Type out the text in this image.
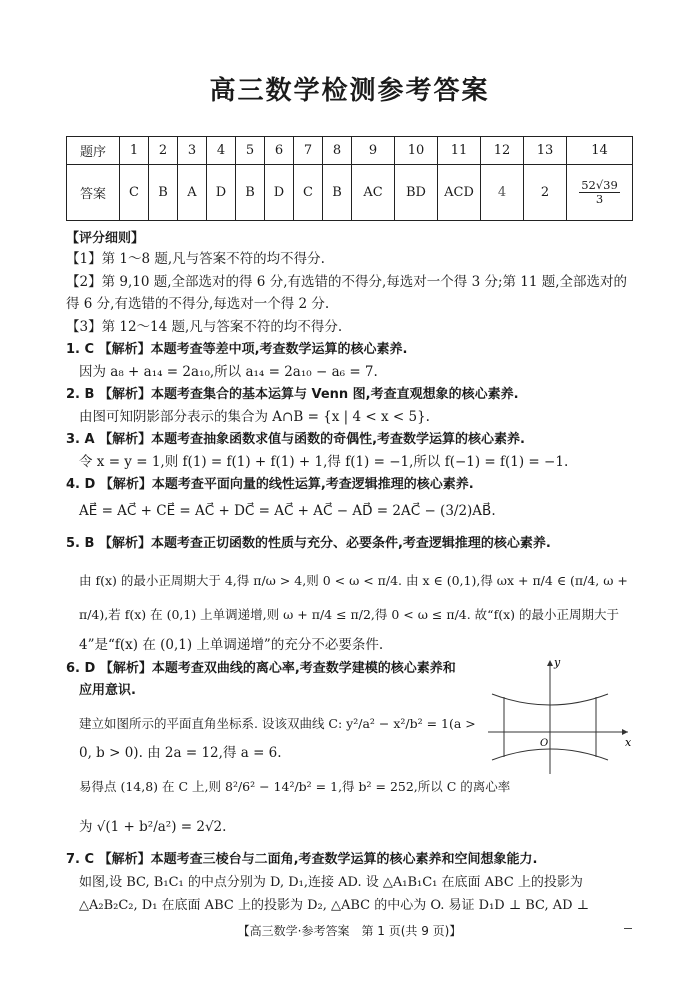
高三数学检测参考答案
题序	1	2	3	4	5	6	7	8	9	10	11	12	13	14
答案	C	B	A	D	B	D	C	B	AC	BD	ACD	4	2	$\frac{52√39}{3}$
【评分细则】
【1】第 1～8 题,凡与答案不符的均不得分.
【2】第 9,10 题,全部选对的得 6 分,有选错的不得分,每选对一个得 3 分;第 11 题,全部选对的
得 6 分,有选错的不得分,每选对一个得 2 分.
【3】第 12～14 题,凡与答案不符的均不得分.
1. C 【解析】本题考查等差中项,考查数学运算的核心素养.
因为 a₈ + a₁₄ = 2a₁₀,所以 a₁₄ = 2a₁₀ − a₆ = 7.
2. B 【解析】本题考查集合的基本运算与 Venn 图,考查直观想象的核心素养.
由图可知阴影部分表示的集合为 A∩B = {x | 4 < x < 5}.
3. A 【解析】本题考查抽象函数求值与函数的奇偶性,考查数学运算的核心素养.
令 x = y = 1,则 f(1) = f(1) + f(1) + 1,得 f(1) = −1,所以 f(−1) = f(1) = −1.
4. D 【解析】本题考查平面向量的线性运算,考查逻辑推理的核心素养.
AE⃗ = AC⃗ + CE⃗ = AC⃗ + DC⃗ = AC⃗ + AC⃗ − AD⃗ = 2AC⃗ − (3/2)AB⃗.
5. B 【解析】本题考查正切函数的性质与充分、必要条件,考查逻辑推理的核心素养.
由 f(x) 的最小正周期大于 4,得 π/ω > 4,则 0 < ω < π/4. 由 x ∈ (0,1),得 ωx + π/4 ∈ (π/4, ω +
π/4),若 f(x) 在 (0,1) 上单调递增,则 ω + π/4 ≤ π/2,得 0 < ω ≤ π/4. 故“f(x) 的最小正周期大于
4”是“f(x) 在 (0,1) 上单调递增”的充分不必要条件.
6. D 【解析】本题考查双曲线的离心率,考查数学建模的核心素养和
应用意识.
建立如图所示的平面直角坐标系. 设该双曲线 C: y²/a² − x²/b² = 1(a >
0, b > 0). 由 2a = 12,得 a = 6.
易得点 (14,8) 在 C 上,则 8²/6² − 14²/b² = 1,得 b² = 252,所以 C 的离心率
为 √(1 + b²/a²) = 2√2.
7. C 【解析】本题考查三棱台与二面角,考查数学运算的核心素养和空间想象能力.
如图,设 BC, B₁C₁ 的中点分别为 D, D₁,连接 AD. 设 △A₁B₁C₁ 在底面 ABC 上的投影为
△A₂B₂C₂, D₁ 在底面 ABC 上的投影为 D₂, △ABC 的中心为 O. 易证 D₁D ⊥ BC, AD ⊥
y
x
O
【高三数学·参考答案　第 1 页(共 9 页)】
